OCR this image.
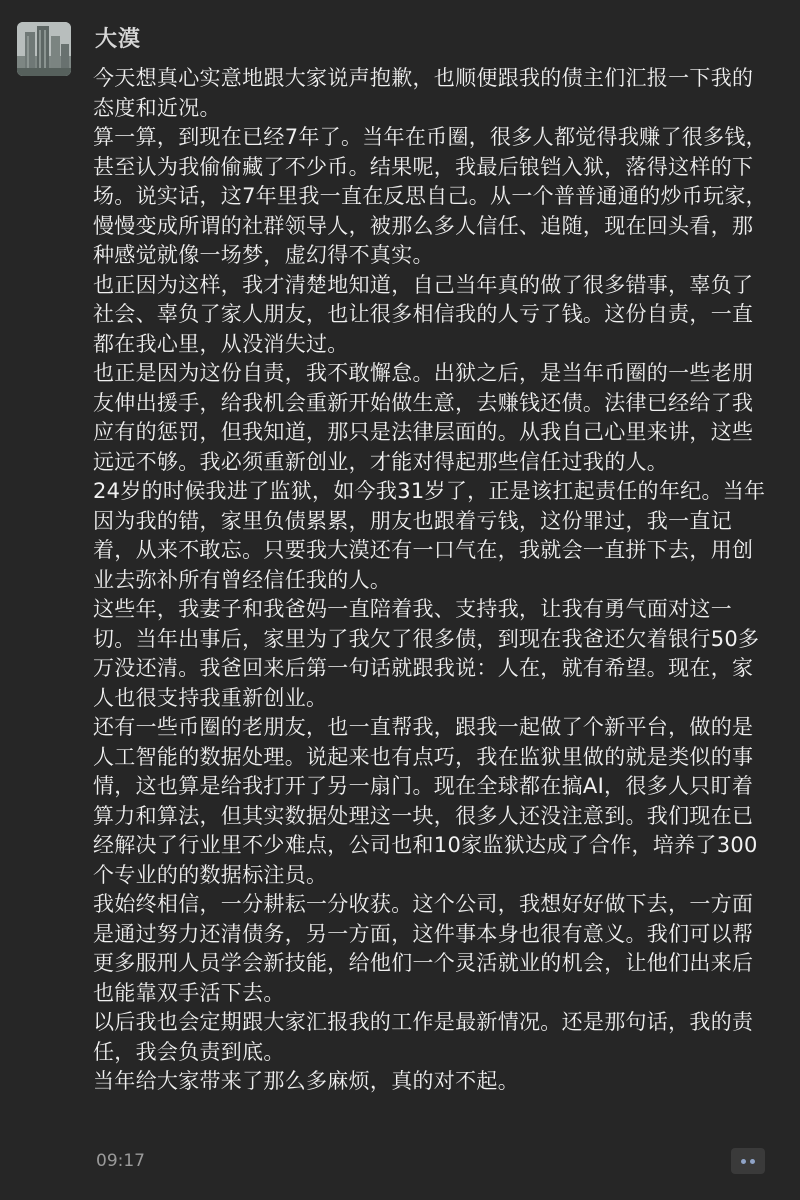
大漠

今天想真心实意地跟大家说声抱歉，也顺便跟我的债主们汇报一下我的态度和近况。

算一算，到现在已经7年了。当年在币圈，很多人都觉得我赚了很多钱，甚至认为我偷偷藏了不少币。结果呢，我最后锒铛入狱，落得这样的下场。说实话，这7年里我一直在反思自己。从一个普普通通的炒币玩家，慢慢变成所谓的社群领导人，被那么多人信任、追随，现在回头看，那种感觉就像一场梦，虚幻得不真实。

也正因为这样，我才清楚地知道，自己当年真的做了很多错事，辜负了社会、辜负了家人朋友，也让很多相信我的人亏了钱。这份自责，一直都在我心里，从没消失过。

也正是因为这份自责，我不敢懈怠。出狱之后，是当年币圈的一些老朋友伸出援手，给我机会重新开始做生意，去赚钱还债。法律已经给了我应有的惩罚，但我知道，那只是法律层面的。从我自己心里来讲，这些远远不够。我必须重新创业，才能对得起那些信任过我的人。

24岁的时候我进了监狱，如今我31岁了，正是该扛起责任的年纪。当年因为我的错，家里负债累累，朋友也跟着亏钱，这份罪过，我一直记着，从来不敢忘。只要我大漠还有一口气在，我就会一直拼下去，用创业去弥补所有曾经信任我的人。

这些年，我妻子和我爸妈一直陪着我、支持我，让我有勇气面对这一切。当年出事后，家里为了我欠了很多债，到现在我爸还欠着银行50多万没还清。我爸回来后第一句话就跟我说：人在，就有希望。现在，家人也很支持我重新创业。

还有一些币圈的老朋友，也一直帮我，跟我一起做了个新平台，做的是人工智能的数据处理。说起来也有点巧，我在监狱里做的就是类似的事情，这也算是给我打开了另一扇门。现在全球都在搞AI，很多人只盯着算力和算法，但其实数据处理这一块，很多人还没注意到。我们现在已经解决了行业里不少难点，公司也和10家监狱达成了合作，培养了300个专业的的数据标注员。

我始终相信，一分耕耘一分收获。这个公司，我想好好做下去，一方面是通过努力还清债务，另一方面，这件事本身也很有意义。我们可以帮更多服刑人员学会新技能，给他们一个灵活就业的机会，让他们出来后也能靠双手活下去。

以后我也会定期跟大家汇报我的工作是最新情况。还是那句话，我的责任，我会负责到底。

当年给大家带来了那么多麻烦，真的对不起。

09:17
